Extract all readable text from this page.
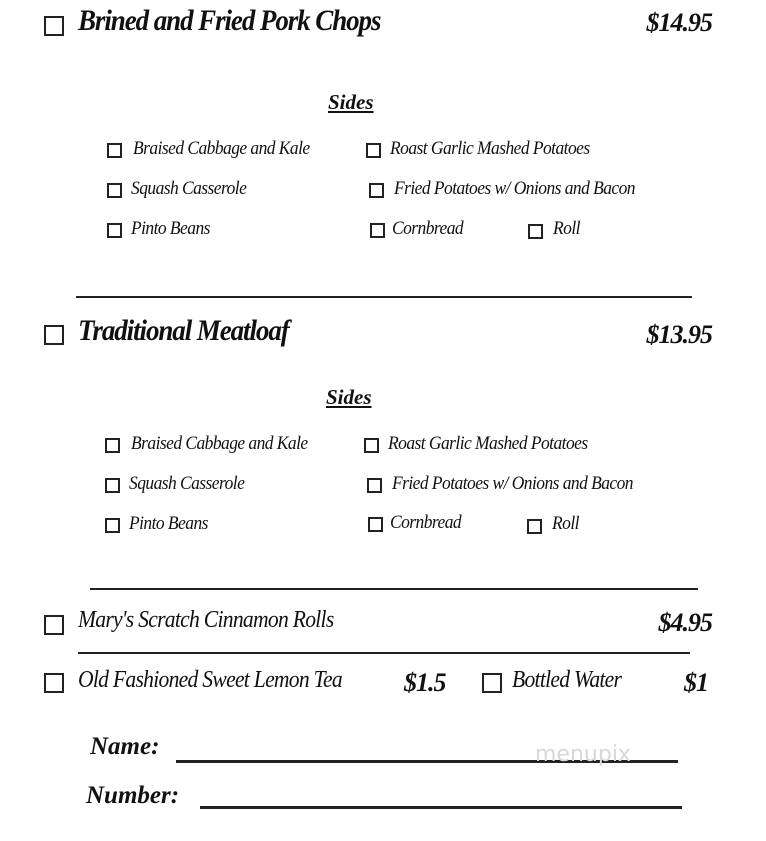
Brined and Fried Pork Chops	$14.95
Sides
Braised Cabbage and Kale	Roast Garlic Mashed Potatoes
Squash Casserole	Fried Potatoes w/ Onions and Bacon
Pinto Beans	Cornbread	Roll
Traditional Meatloaf	$13.95
Sides
Braised Cabbage and Kale	Roast Garlic Mashed Potatoes
Squash Casserole	Fried Potatoes w/ Onions and Bacon
Pinto Beans	Cornbread	Roll
Mary's Scratch Cinnamon Rolls	$4.95
Old Fashioned Sweet Lemon Tea $1.5	Bottled Water $1
Name:
Number:
menupix
